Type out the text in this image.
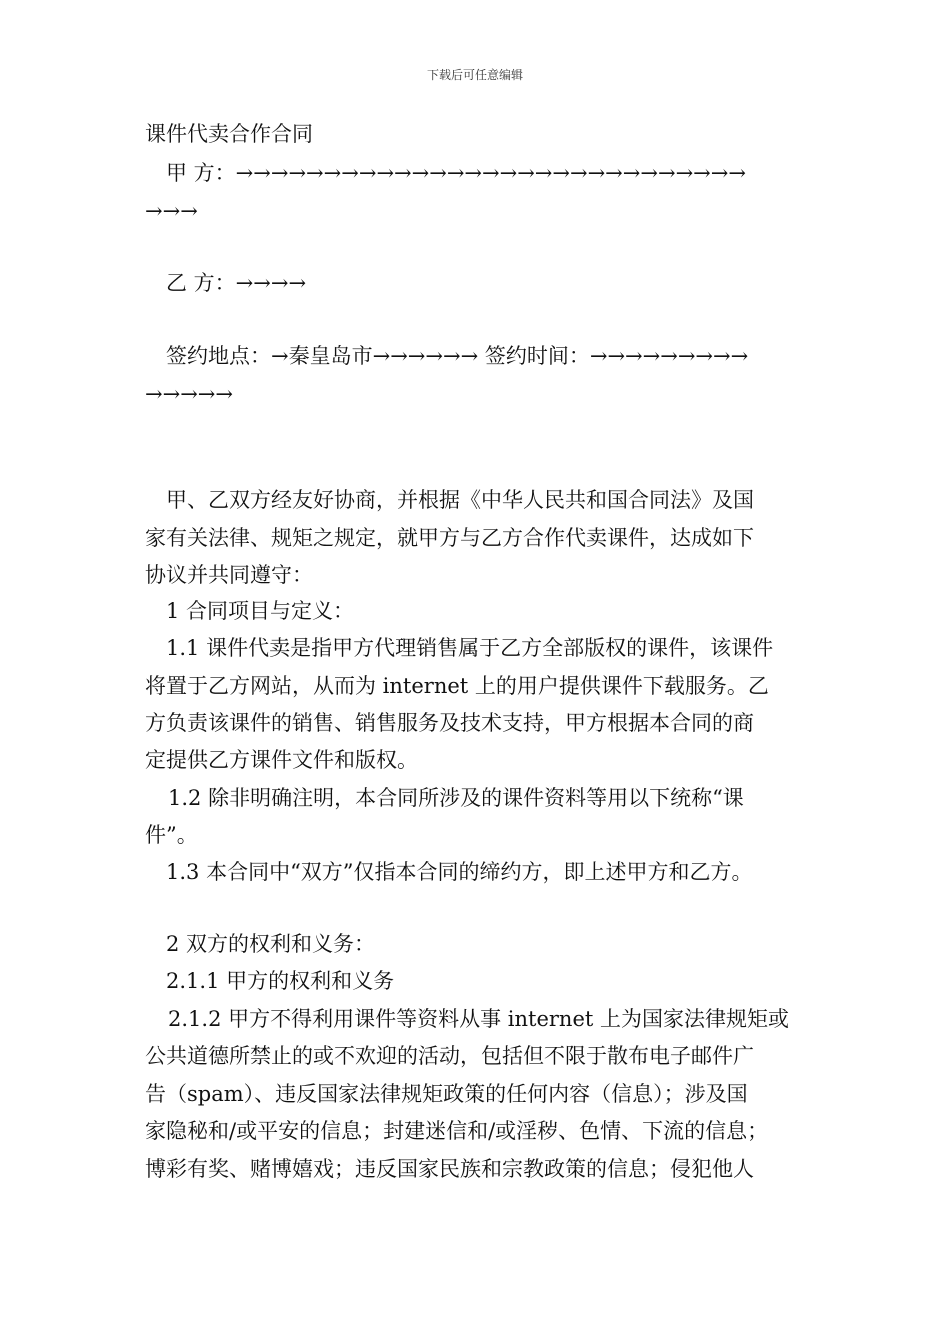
下载后可任意编辑
课件代卖合作合同
甲 方：→→→→→→→→→→→→→→→→→→→→→→→→→→→→→
→→→
乙 方：→→→→
签约地点：→秦皇岛市→→→→→→ 签约时间：→→→→→→→→→
→→→→→
甲、乙双方经友好协商，并根据《中华人民共和国合同法》及国
家有关法律、规矩之规定，就甲方与乙方合作代卖课件，达成如下
协议并共同遵守：
1 合同项目与定义：
1.1 课件代卖是指甲方代理销售属于乙方全部版权的课件，该课件
将置于乙方网站，从而为 internet 上的用户提供课件下载服务。乙
方负责该课件的销售、销售服务及技术支持，甲方根据本合同的商
定提供乙方课件文件和版权。
1.2 除非明确注明，本合同所涉及的课件资料等用以下统称“课
件”。
1.3 本合同中“双方”仅指本合同的缔约方，即上述甲方和乙方。
2 双方的权利和义务：
2.1.1 甲方的权利和义务
2.1.2 甲方不得利用课件等资料从事 internet 上为国家法律规矩或
公共道德所禁止的或不欢迎的活动，包括但不限于散布电子邮件广
告（spam）、违反国家法律规矩政策的任何内容（信息）；涉及国
家隐秘和/或平安的信息；封建迷信和/或淫秽、色情、下流的信息；
博彩有奖、赌博嬉戏；违反国家民族和宗教政策的信息；侵犯他人
